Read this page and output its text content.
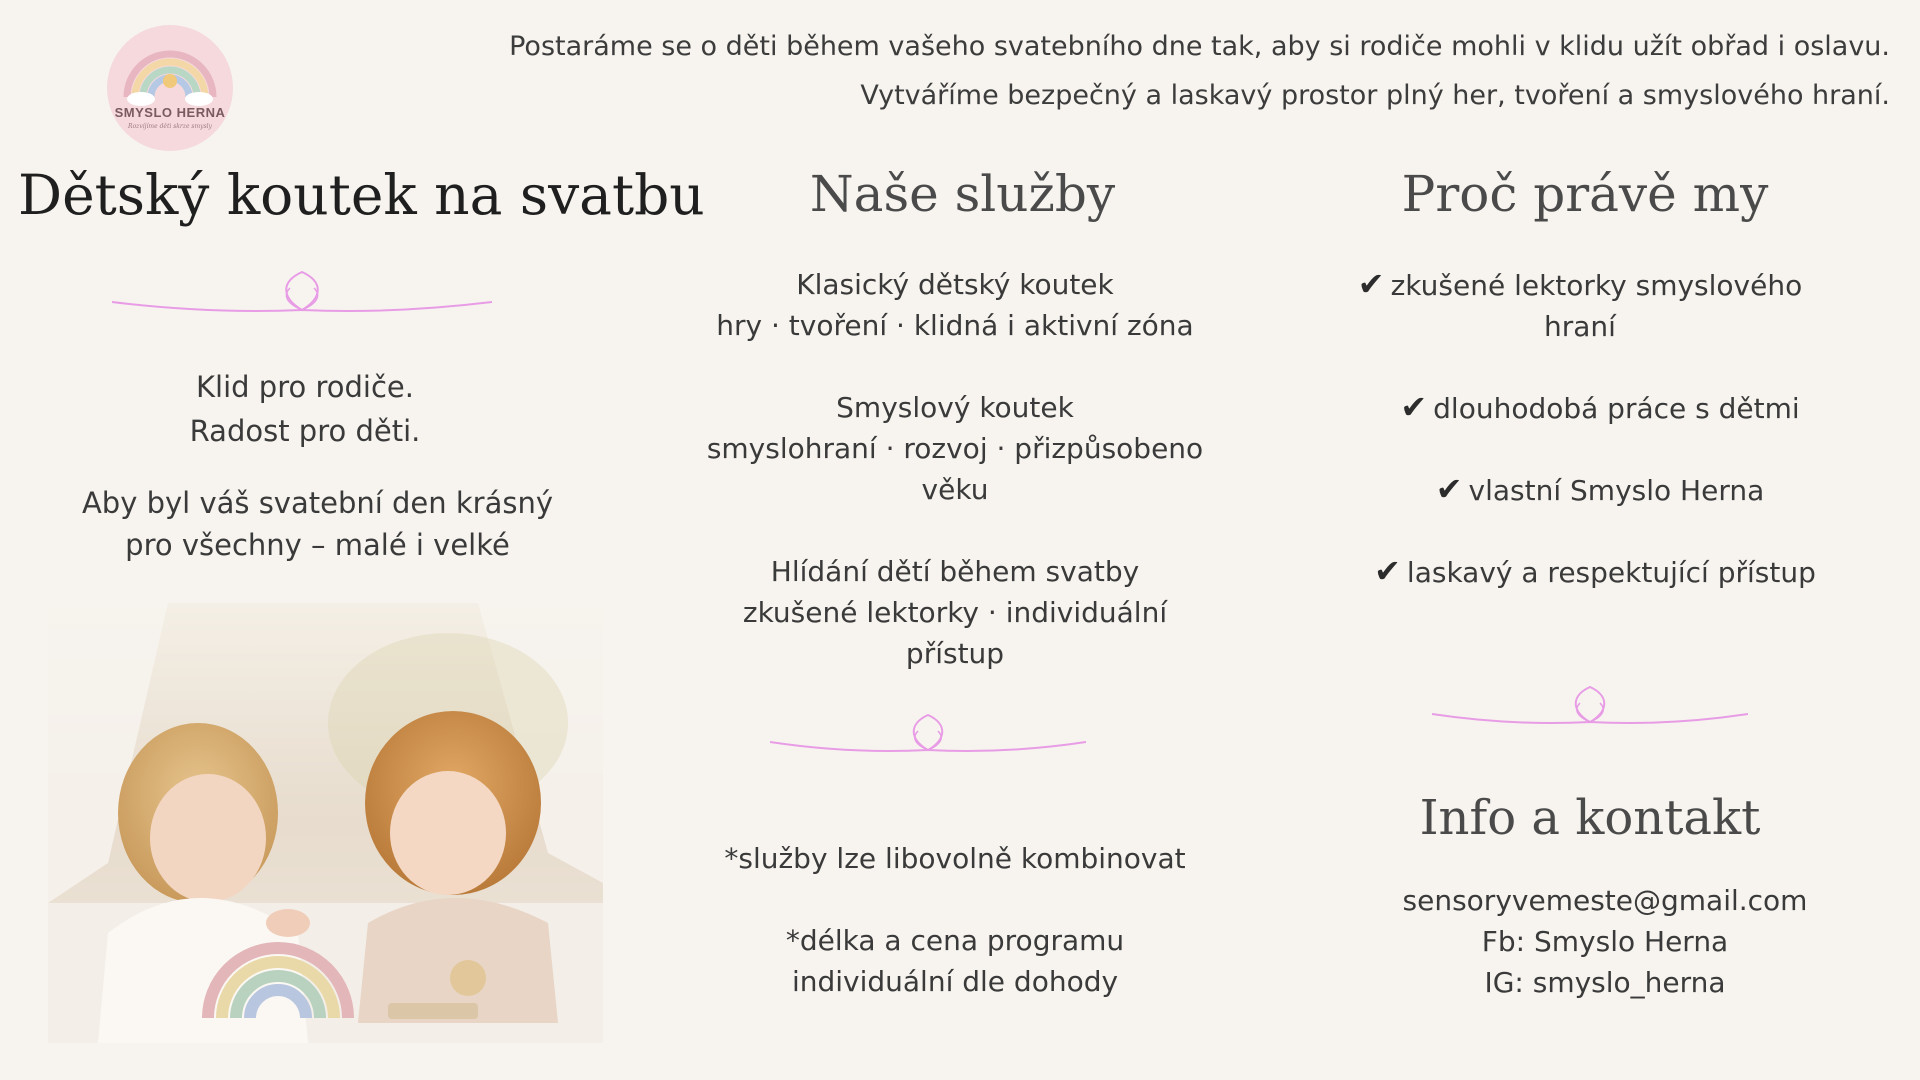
SMYSLO HERNA
Rozvíjíme děti skrze smysly

Postaráme se o děti během vašeho svatebního dne tak, aby si rodiče mohli v klidu užít obřad i oslavu.

Vytváříme bezpečný a laskavý prostor plný her, tvoření a smyslového hraní.

Dětský koutek na svatbu

Klid pro rodiče.

Radost pro děti.

Aby byl váš svatební den krásný

pro všechny – malé i velké

Naše služby

Klasický dětský koutek

hry · tvoření · klidná i aktivní zóna

Smyslový koutek

smyslohraní · rozvoj · přizpůsobeno

věku

Hlídání dětí během svatby

zkušené lektorky · individuální

přístup

*služby lze libovolně kombinovat

*délka a cena programu

individuální dle dohody

Proč právě my

✔ zkušené lektorky smyslového

hraní

✔ dlouhodobá práce s dětmi

✔ vlastní Smyslo Herna

✔ laskavý a respektující přístup

Info a kontakt

sensoryvemeste@gmail.com

Fb: Smyslo Herna

IG: smyslo_herna
